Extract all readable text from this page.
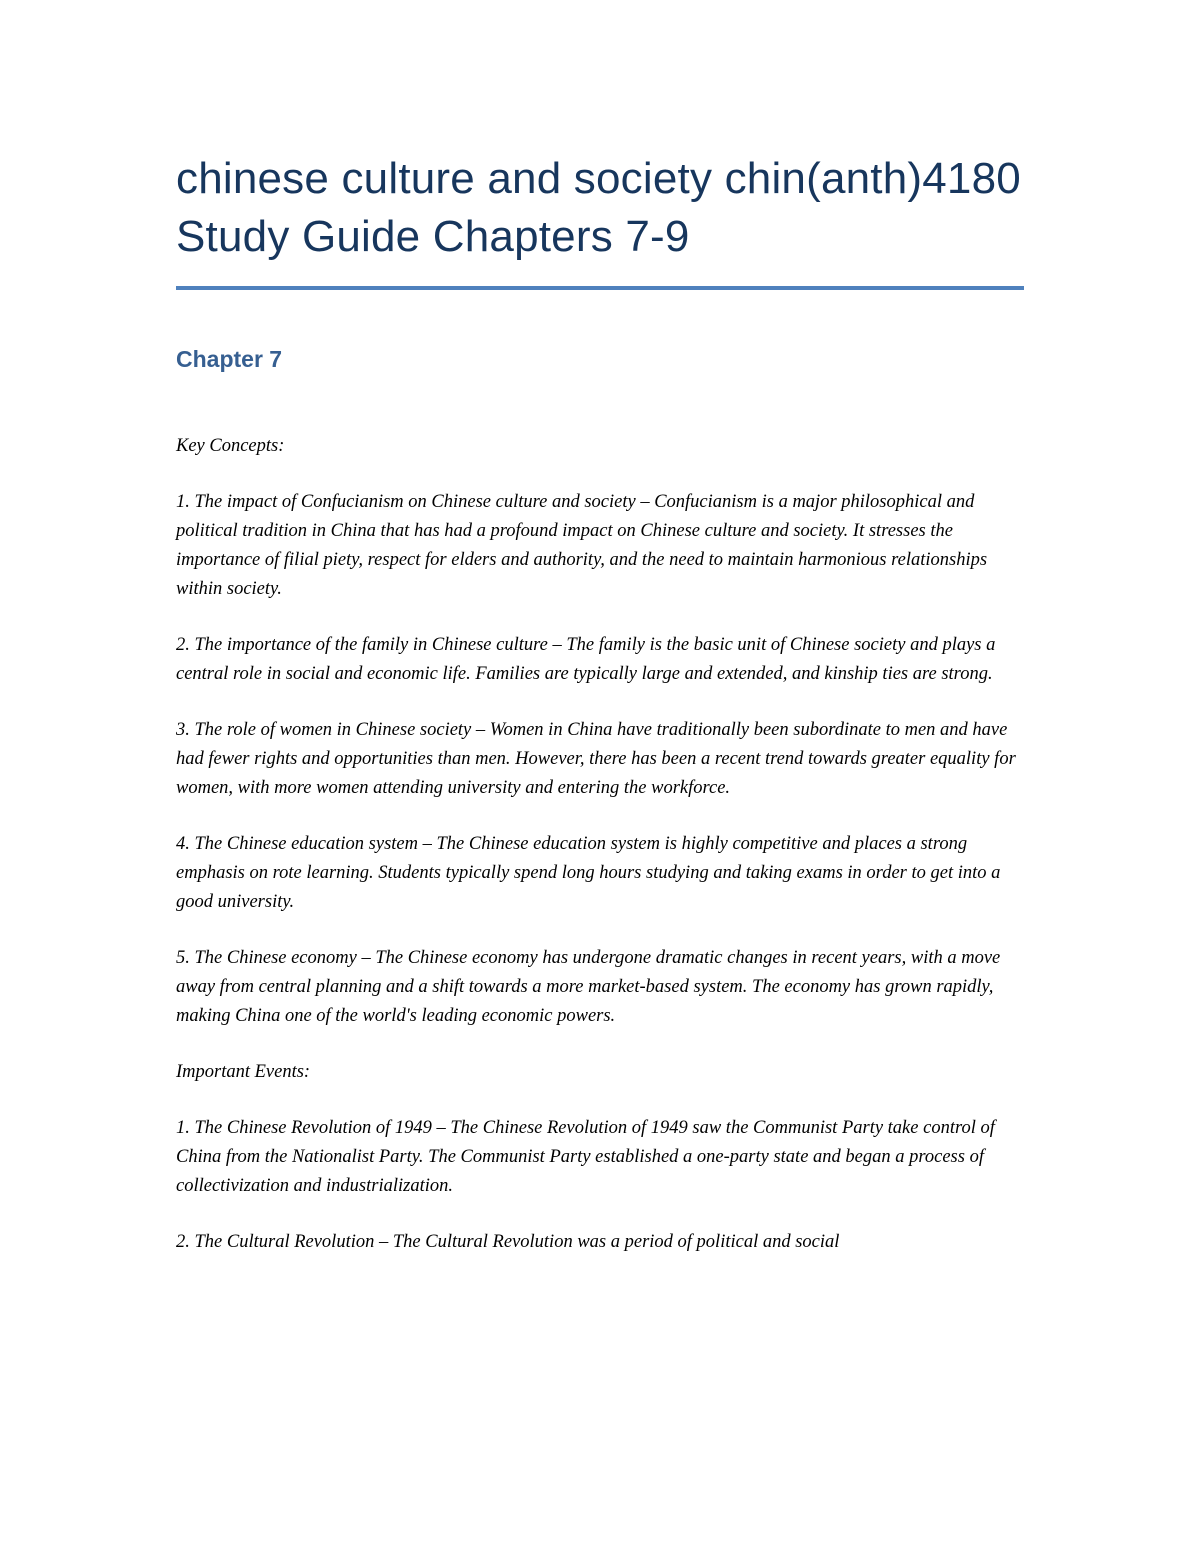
chinese culture and society chin(anth)4180 Study Guide Chapters 7-9
Chapter 7

Key Concepts:

1. The impact of Confucianism on Chinese culture and society – Confucianism is a major philosophical and political tradition in China that has had a profound impact on Chinese culture and society. It stresses the importance of filial piety, respect for elders and authority, and the need to maintain harmonious relationships within society.

2. The importance of the family in Chinese culture – The family is the basic unit of Chinese society and plays a central role in social and economic life. Families are typically large and extended, and kinship ties are strong.

3. The role of women in Chinese society – Women in China have traditionally been subordinate to men and have had fewer rights and opportunities than men. However, there has been a recent trend towards greater equality for women, with more women attending university and entering the workforce.

4. The Chinese education system – The Chinese education system is highly competitive and places a strong emphasis on rote learning. Students typically spend long hours studying and taking exams in order to get into a good university.

5. The Chinese economy – The Chinese economy has undergone dramatic changes in recent years, with a move away from central planning and a shift towards a more market-based system. The economy has grown rapidly, making China one of the world's leading economic powers.

Important Events:

1. The Chinese Revolution of 1949 – The Chinese Revolution of 1949 saw the Communist Party take control of China from the Nationalist Party. The Communist Party established a one-party state and began a process of collectivization and industrialization.

2. The Cultural Revolution – The Cultural Revolution was a period of political and social
